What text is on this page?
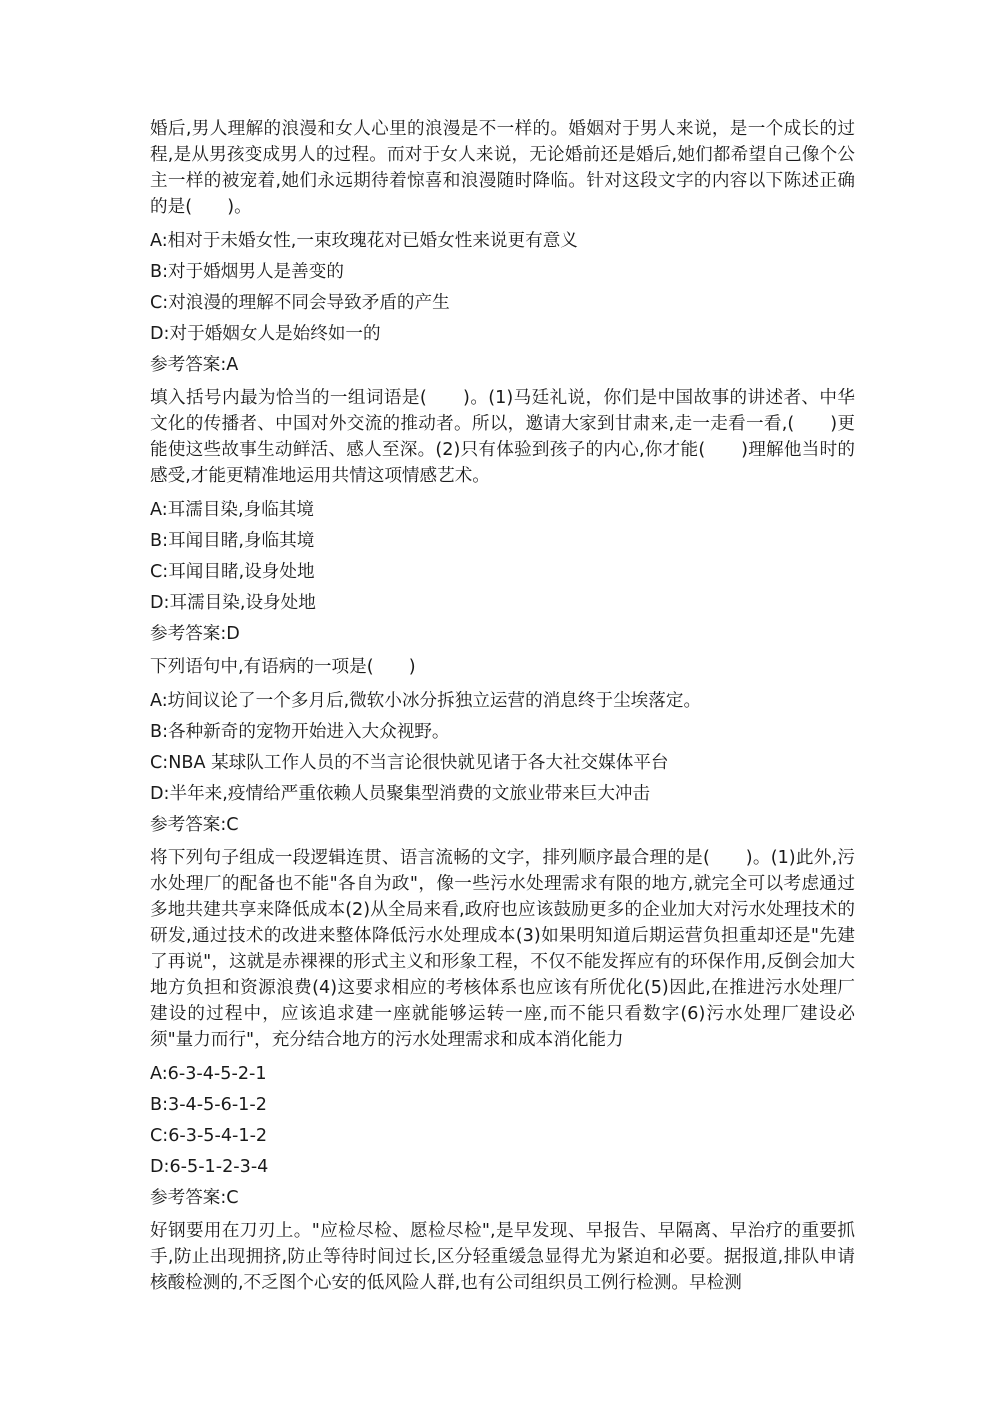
婚后,男人理解的浪漫和女人心里的浪漫是不一样的。婚姻对于男人来说，是一个成长的过程,是从男孩变成男人的过程。而对于女人来说，无论婚前还是婚后,她们都希望自己像个公主一样的被宠着,她们永远期待着惊喜和浪漫随时降临。针对这段文字的内容以下陈述正确的是(　　)。

A:相对于未婚女性,一束玫瑰花对已婚女性来说更有意义

B:对于婚烟男人是善变的

C:对浪漫的理解不同会导致矛盾的产生

D:对于婚姻女人是始终如一的

参考答案:A

填入括号内最为恰当的一组词语是(　　)。(1)马廷礼说，你们是中国故事的讲述者、中华文化的传播者、中国对外交流的推动者。所以，邀请大家到甘肃来,走一走看一看,(　　)更能使这些故事生动鲜活、感人至深。(2)只有体验到孩子的内心,你才能(　　)理解他当时的感受,才能更精准地运用共情这项情感艺术。

A:耳濡目染,身临其境

B:耳闻目睹,身临其境

C:耳闻目睹,设身处地

D:耳濡目染,设身处地

参考答案:D

下列语句中,有语病的一项是(　　)

A:坊间议论了一个多月后,微软小冰分拆独立运营的消息终于尘埃落定。

B:各种新奇的宠物开始进入大众视野。

C:NBA 某球队工作人员的不当言论很快就见诸于各大社交媒体平台

D:半年来,疫情给严重依赖人员聚集型消费的文旅业带来巨大冲击

参考答案:C

将下列句子组成一段逻辑连贯、语言流畅的文字，排列顺序最合理的是(　　)。(1)此外,污水处理厂的配备也不能"各自为政"，像一些污水处理需求有限的地方,就完全可以考虑通过多地共建共享来降低成本(2)从全局来看,政府也应该鼓励更多的企业加大对污水处理技术的研发,通过技术的改进来整体降低污水处理成本(3)如果明知道后期运营负担重却还是"先建了再说"，这就是赤裸裸的形式主义和形象工程，不仅不能发挥应有的环保作用,反倒会加大地方负担和资源浪费(4)这要求相应的考核体系也应该有所优化(5)因此,在推进污水处理厂建设的过程中，应该追求建一座就能够运转一座,而不能只看数字(6)污水处理厂建设必须"量力而行"，充分结合地方的污水处理需求和成本消化能力

A:6-3-4-5-2-1

B:3-4-5-6-1-2

C:6-3-5-4-1-2

D:6-5-1-2-3-4

参考答案:C

好钢要用在刀刃上。"应检尽检、愿检尽检",是早发现、早报告、早隔离、早治疗的重要抓手,防止出现拥挤,防止等待时间过长,区分轻重缓急显得尤为紧迫和必要。据报道,排队申请核酸检测的,不乏图个心安的低风险人群,也有公司组织员工例行检测。早检测
